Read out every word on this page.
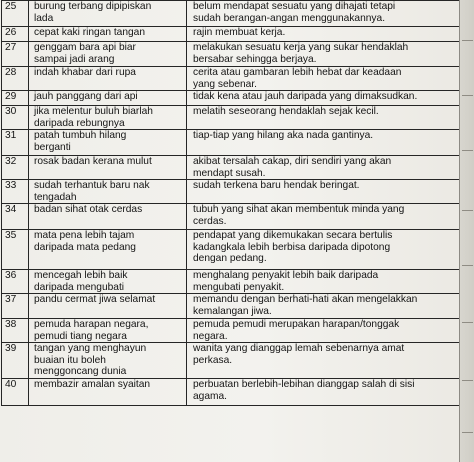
25	burung terbang dipipiskan
lada	belum mendapat sesuatu yang dihajati tetapi
sudah berangan-angan menggunakannya.
26	cepat kaki ringan tangan	rajin membuat kerja.
27	genggam bara api biar
sampai jadi arang	melakukan sesuatu kerja yang sukar hendaklah
bersabar sehingga berjaya.
28	indah khabar dari rupa	cerita atau gambaran lebih hebat dar keadaan
yang sebenar.
29	jauh panggang dari api	tidak kena atau jauh daripada yang dimaksudkan.
30	jika melentur buluh biarlah
daripada rebungnya	melatih seseorang hendaklah sejak kecil.
31	patah tumbuh hilang
berganti	tiap-tiap yang hilang aka nada gantinya.
32	rosak badan kerana mulut	akibat tersalah cakap, diri sendiri yang akan
mendapt susah.
33	sudah terhantuk baru nak
tengadah	sudah terkena baru hendak beringat.
34	badan sihat otak cerdas	tubuh yang sihat akan membentuk minda yang
cerdas.
35	mata pena lebih tajam
daripada mata pedang	pendapat yang dikemukakan secara bertulis
kadangkala lebih berbisa daripada dipotong
dengan pedang.
36	mencegah lebih baik
daripada mengubati	menghalang penyakit lebih baik daripada
mengubati penyakit.
37	pandu cermat jiwa selamat	memandu dengan berhati-hati akan mengelakkan
kemalangan jiwa.
38	pemuda harapan negara,
pemudi tiang negara	pemuda pemudi merupakan harapan/tonggak
negara.
39	tangan yang menghayun
buaian itu boleh
menggoncang dunia	wanita yang dianggap lemah sebenarnya amat
perkasa.
40	membazir amalan syaitan	perbuatan berlebih-lebihan dianggap salah di sisi
agama.
